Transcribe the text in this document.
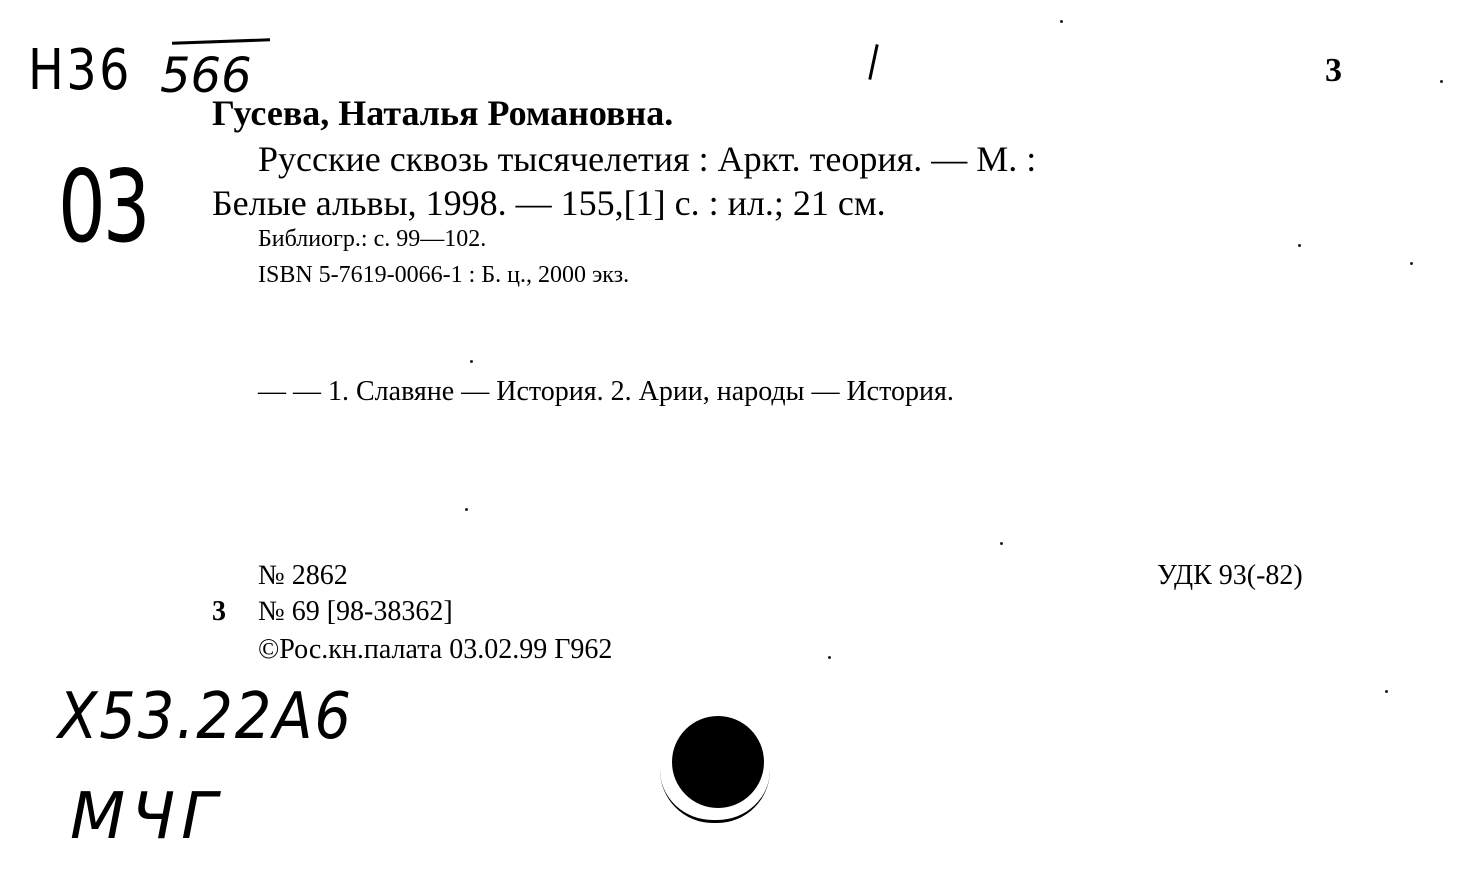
Н36 566
03
3
Гусева, Наталья Романовна.
Русские сквозь тысячелетия : Аркт. теория. — М. :
Белые альвы, 1998. — 155,[1] с. : ил.; 21 см.
Библиогр.: с. 99—102.
ISBN 5-7619-0066-1 : Б. ц., 2000 экз.
— — 1. Славяне — История. 2. Арии, народы — История.
№ 2862	УДК 93(-82)
3 № 69 [98-38362]
©Рос.кн.палата 03.02.99 Г962
Х53.22А6
МЧГ
